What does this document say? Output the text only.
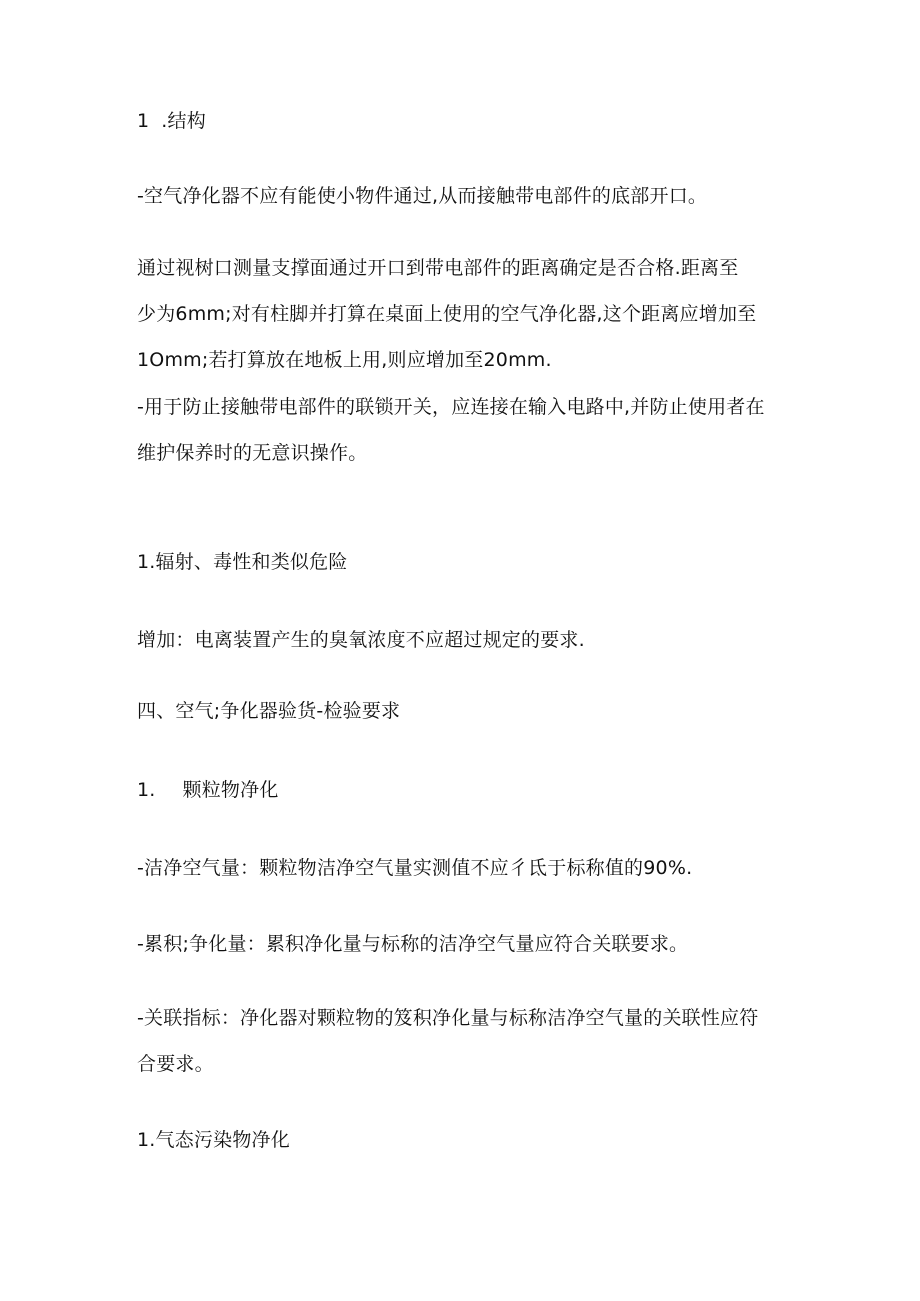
1 .结构

-空气净化器不应有能使小物件通过,从而接触带电部件的底部开口。

通过视树口测量支撑面通过开口到带电部件的距离确定是否合格.距离至
少为6mm;对有柱脚并打算在桌面上使用的空气净化器,这个距离应增加至
1Omm;若打算放在地板上用,则应增加至20mm.

-用于防止接触带电部件的联锁开关，应连接在输入电路中,并防止使用者在
维护保养时的无意识操作。

1.辐射、毒性和类似危险

增加：电离装置产生的臭氧浓度不应超过规定的要求.

四、空气;争化器验货-检验要求

1. 颗粒物净化

-洁净空气量：颗粒物洁净空气量实测值不应彳氐于标称值的90%.

-累积;争化量：累积净化量与标称的洁净空气量应符合关联要求。

-关联指标：净化器对颗粒物的笈积净化量与标称洁净空气量的关联性应符
合要求。

1.气态污染物净化
